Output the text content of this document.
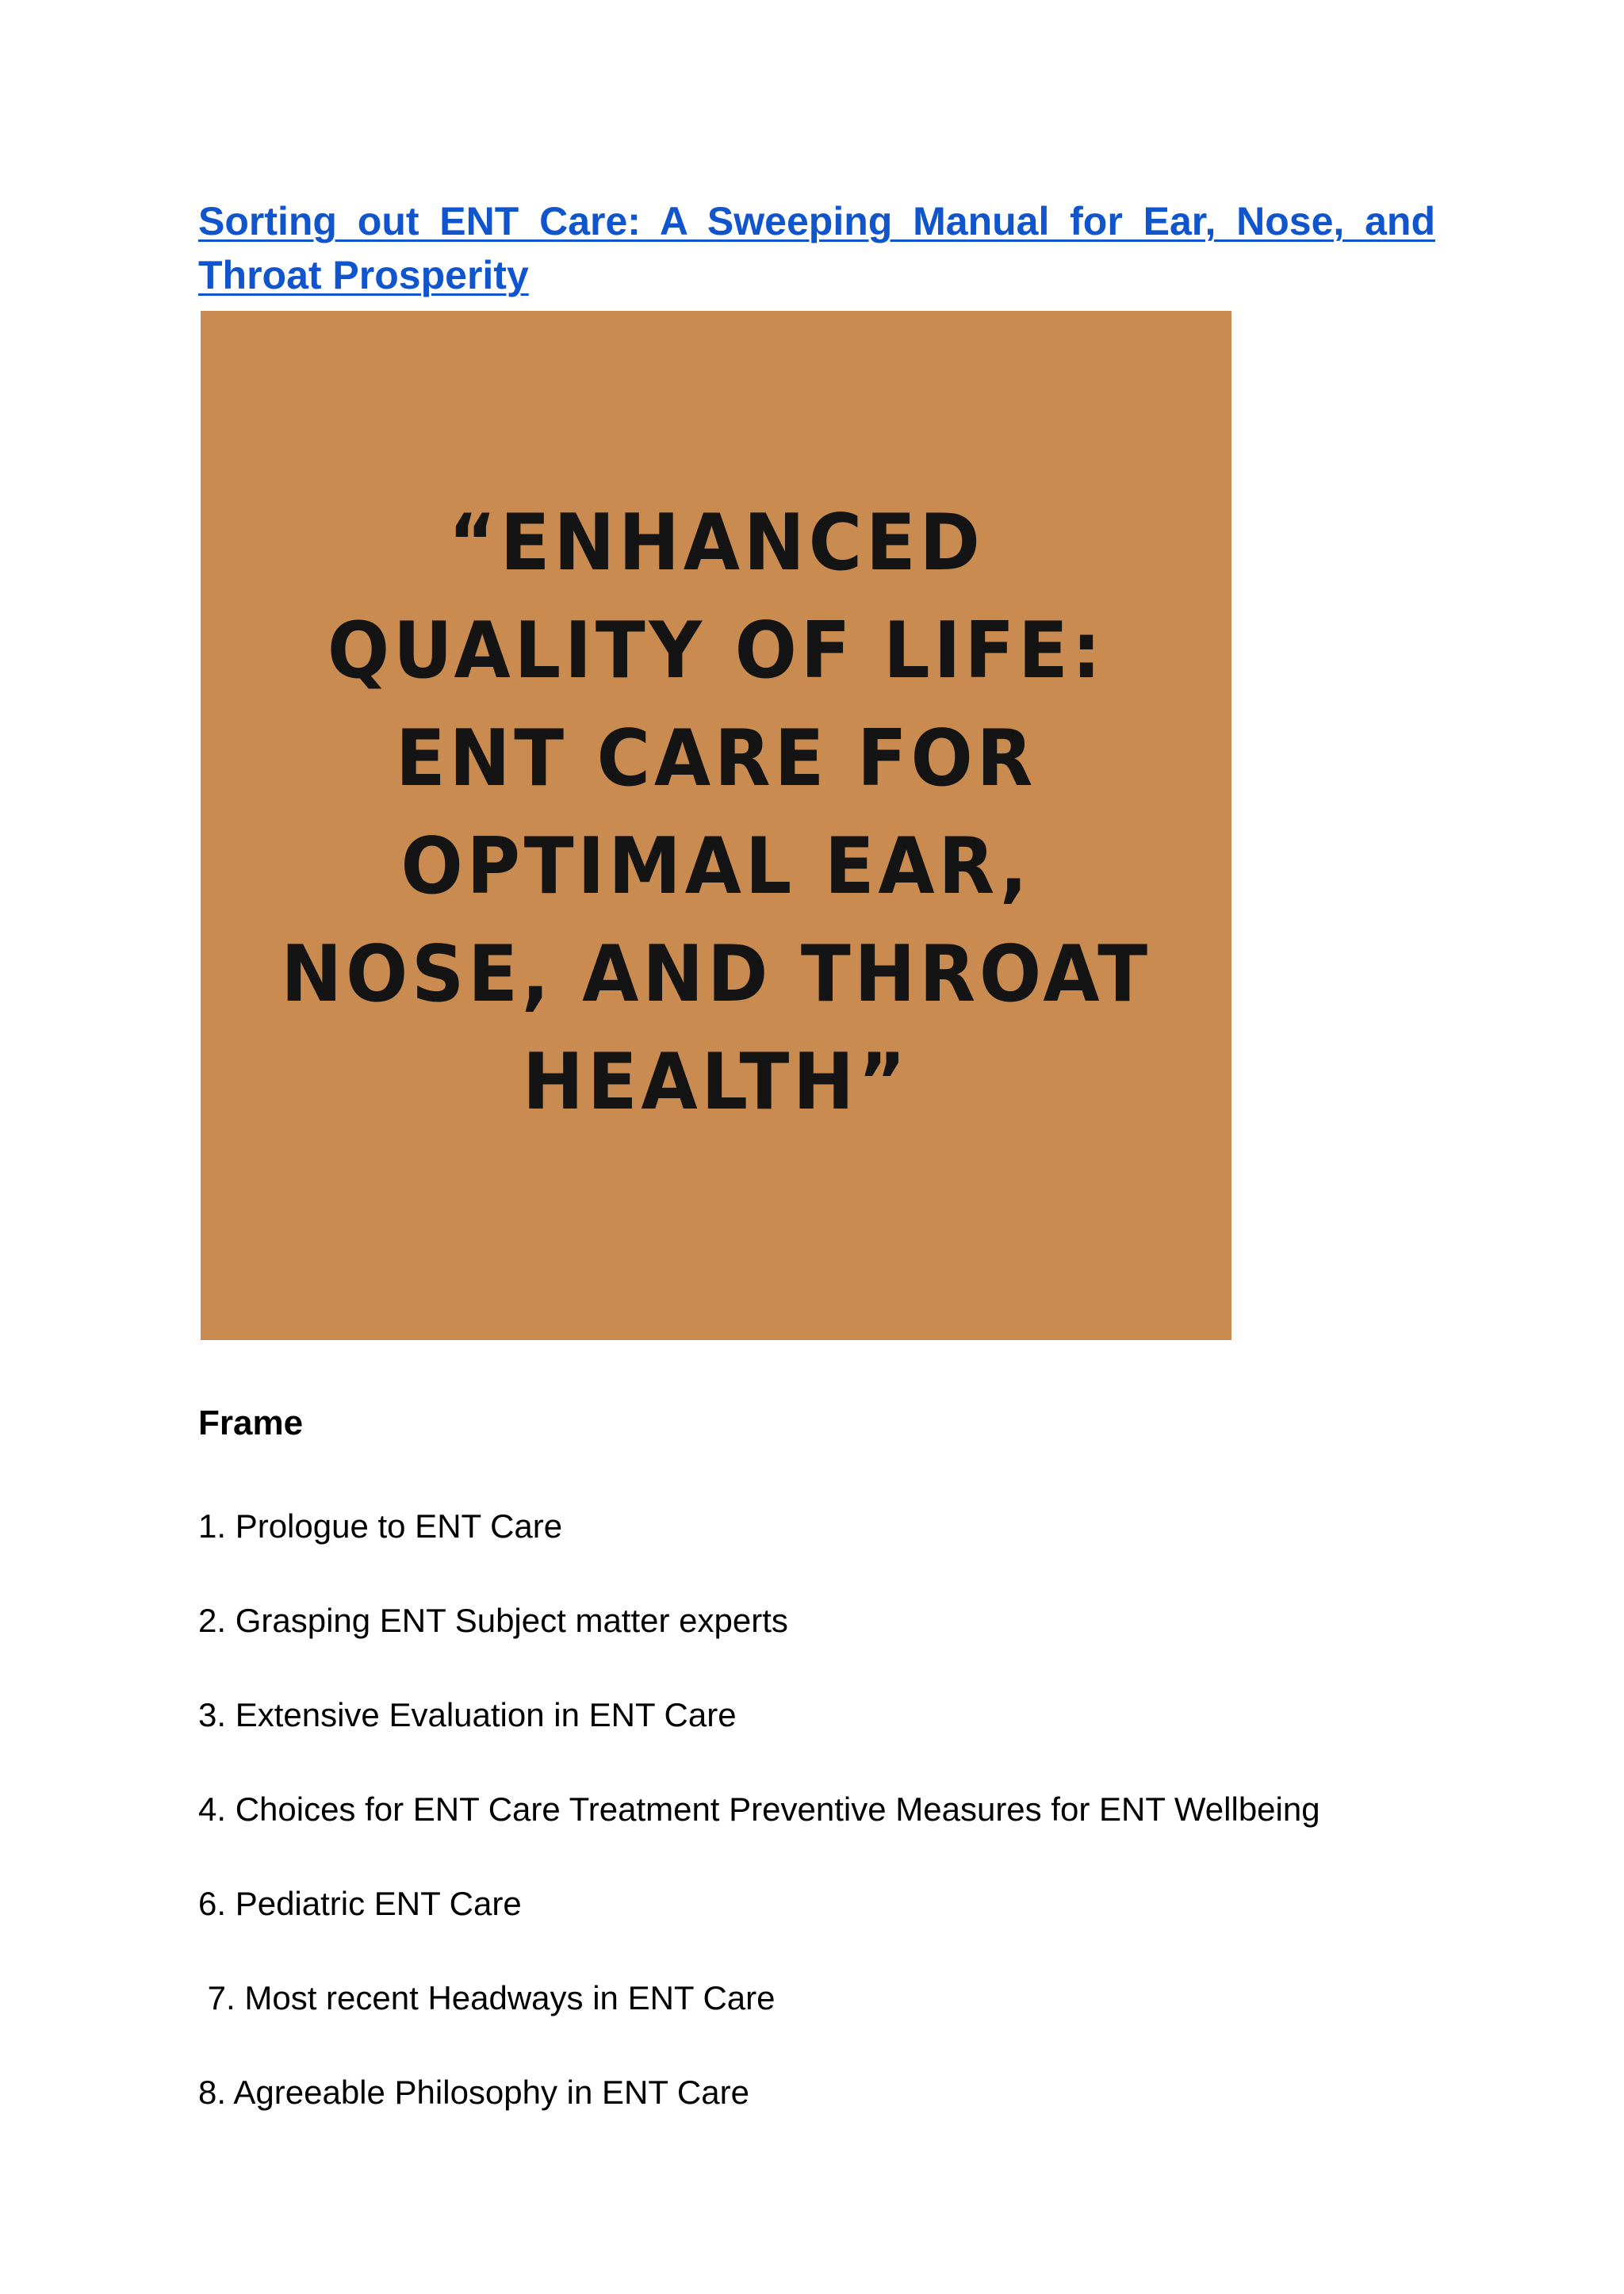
Sorting out ENT Care: A Sweeping Manual for Ear, Nose, and Throat Prosperity
“ENHANCED
QUALITY OF LIFE:
ENT CARE FOR
OPTIMAL EAR,
NOSE, AND THROAT
HEALTH”
Frame
1. Prologue to ENT Care
2. Grasping ENT Subject matter experts
3. Extensive Evaluation in ENT Care
4. Choices for ENT Care Treatment Preventive Measures for ENT Wellbeing
6. Pediatric ENT Care
7. Most recent Headways in ENT Care
8. Agreeable Philosophy in ENT Care
